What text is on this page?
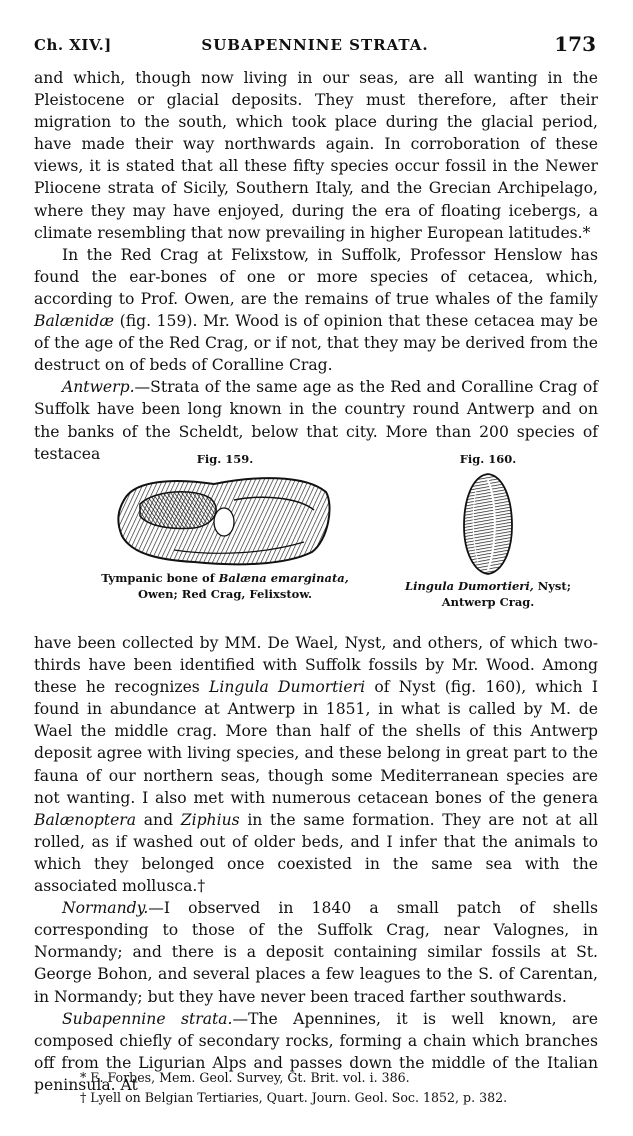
Ch. XIV.]	SUBAPENNINE STRATA.	173

and which, though now living in our seas, are all wanting in the Pleistocene or glacial deposits. They must therefore, after their migration to the south, which took place during the glacial period, have made their way northwards again. In corroboration of these views, it is stated that all these fifty species occur fossil in the Newer Pliocene strata of Sicily, Southern Italy, and the Grecian Archipelago, where they may have enjoyed, during the era of floating icebergs, a climate resembling that now prevailing in higher European latitudes.*

In the Red Crag at Felixstow, in Suffolk, Professor Henslow has found the ear-bones of one or more species of cetacea, which, according to Prof. Owen, are the remains of true whales of the family Balænidæ (fig. 159). Mr. Wood is of opinion that these cetacea may be of the age of the Red Crag, or if not, that they may be derived from the destruct on of beds of Coralline Crag.

Antwerp.—Strata of the same age as the Red and Coralline Crag of Suffolk have been long known in the country round Antwerp and on the banks of the Scheldt, below that city. More than 200 species of testacea	Fig. 159.
Tympanic bone of Balæna emarginata,
Owen; Red Crag, Felixstow.
Fig. 160.
Lingula Dumortieri, Nyst;
Antwerp Crag.

have been collected by MM. De Wael, Nyst, and others, of which two-thirds have been identified with Suffolk fossils by Mr. Wood. Among these he recognizes Lingula Dumortieri of Nyst (fig. 160), which I found in abundance at Antwerp in 1851, in what is called by M. de Wael the middle crag. More than half of the shells of this Antwerp deposit agree with living species, and these belong in great part to the fauna of our northern seas, though some Mediterranean species are not wanting. I also met with numerous cetacean bones of the genera Balænoptera and Ziphius in the same formation. They are not at all rolled, as if washed out of older beds, and I infer that the animals to which they belonged once coexisted in the same sea with the associated mollusca.†

Normandy.—I observed in 1840 a small patch of shells corresponding to those of the Suffolk Crag, near Valognes, in Normandy; and there is a deposit containing similar fossils at St. George Bohon, and several places a few leagues to the S. of Carentan, in Normandy; but they have never been traced farther southwards.

Subapennine strata.—The Apennines, it is well known, are composed chiefly of secondary rocks, forming a chain which branches off from the Ligurian Alps and passes down the middle of the Italian peninsula. At

* E. Forbes, Mem. Geol. Survey, Gt. Brit. vol. i. 386.
† Lyell on Belgian Tertiaries, Quart. Journ. Geol. Soc. 1852, p. 382.
